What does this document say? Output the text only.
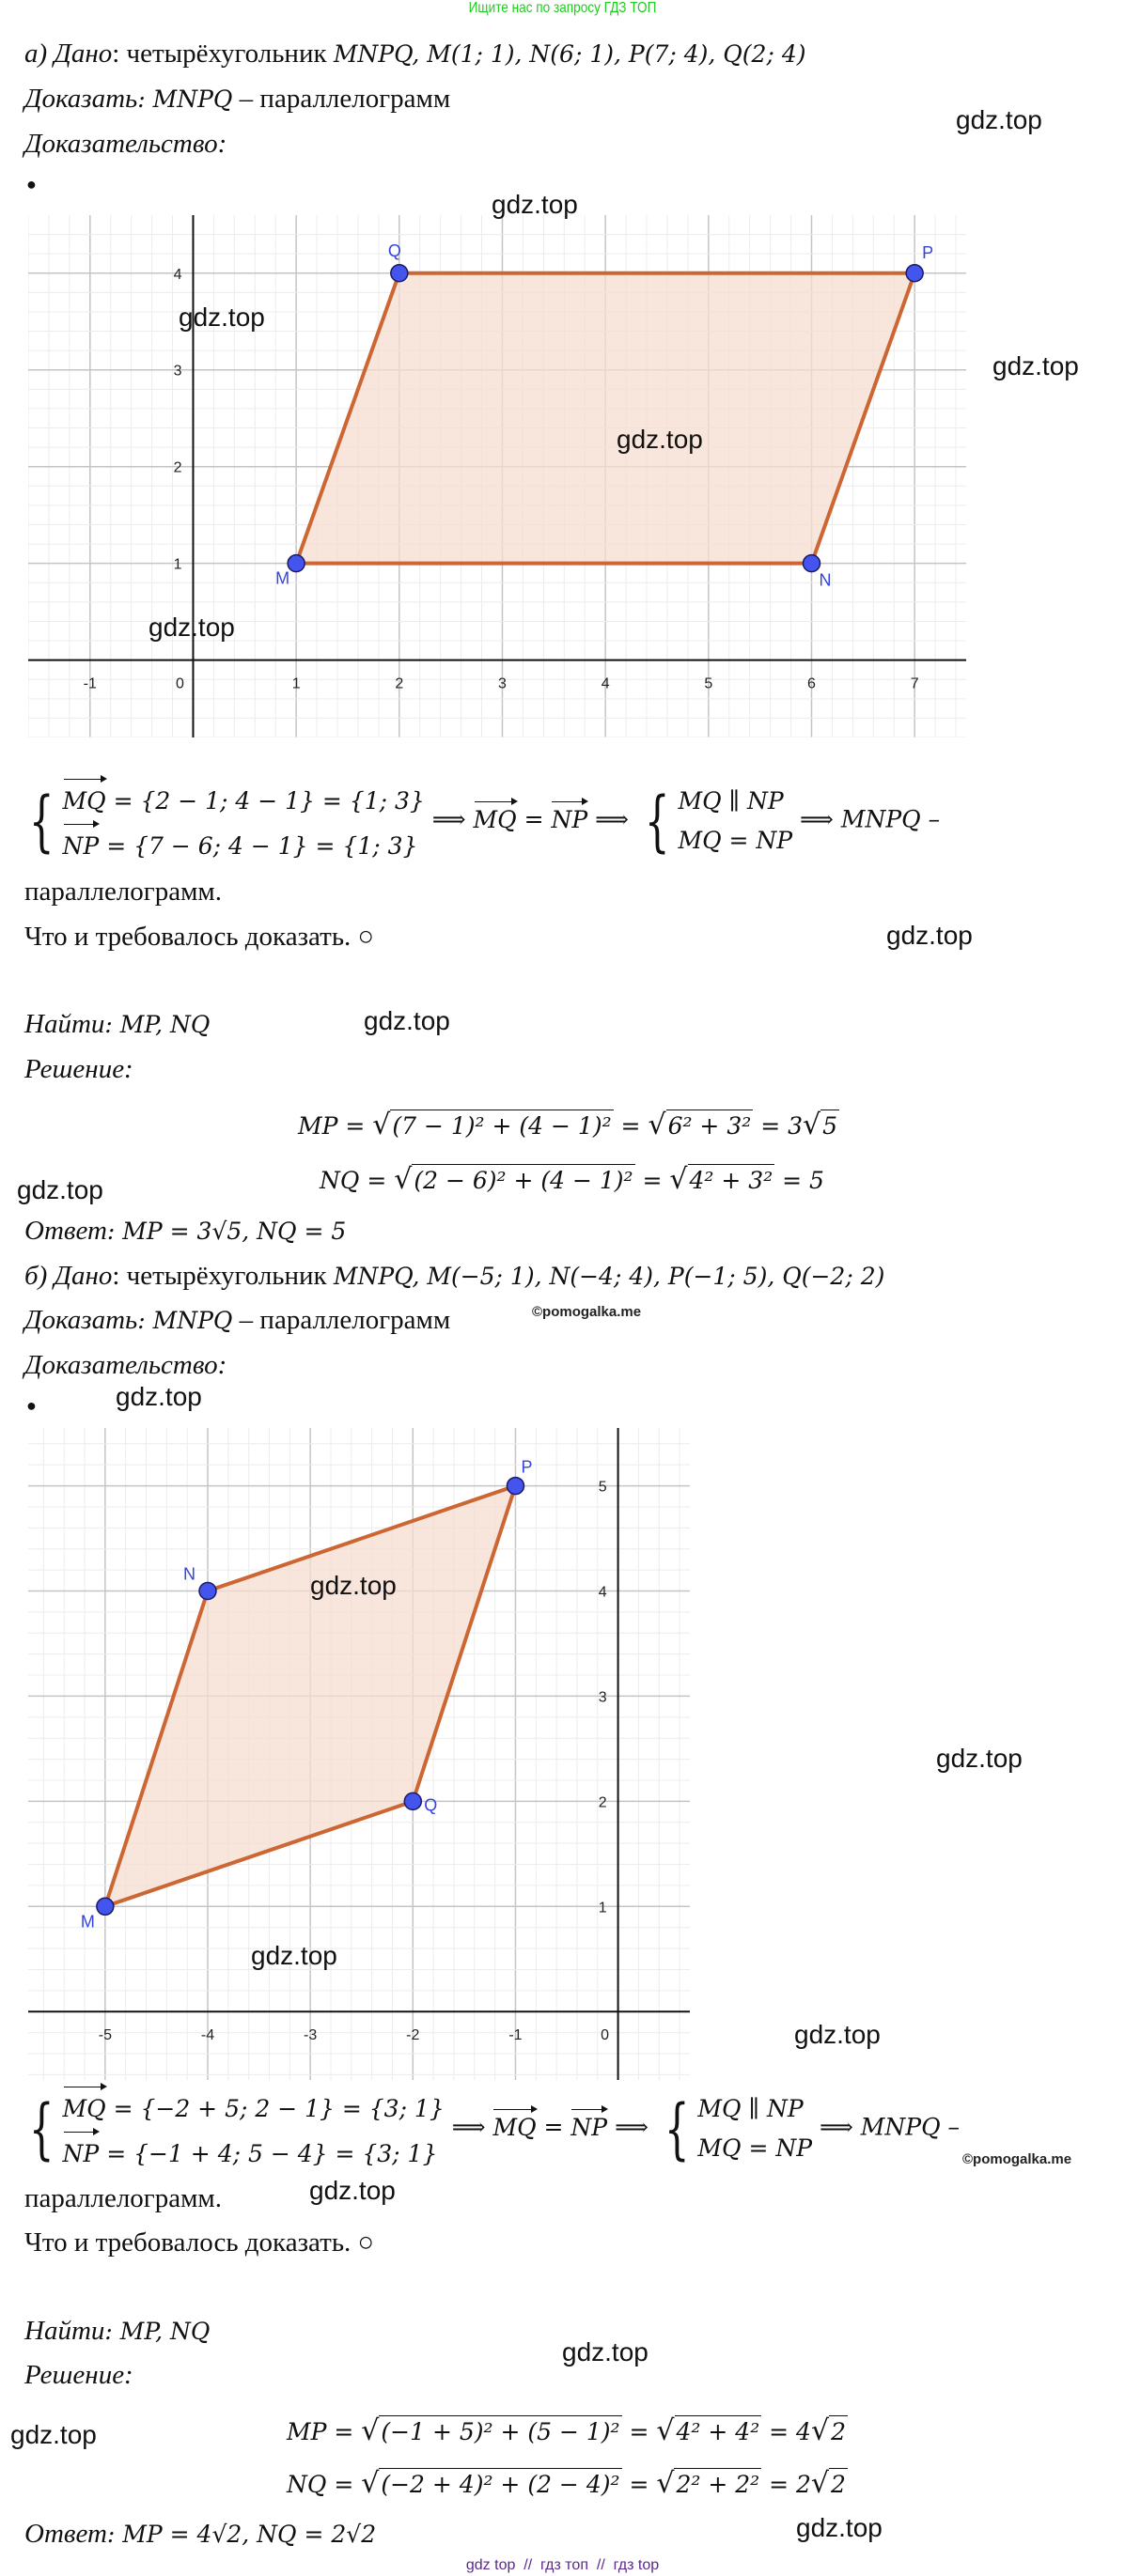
Ищите нас по запросу ГДЗ ТОП
а) Дано: четырёхугольник MNPQ, M(1; 1), N(6; 1), P(7; 4), Q(2; 4)
Доказать: MNPQ – параллелограмм
Доказательство:
●
-1	0	1	2	3	4	5	6	7
1
2
3
4
M	N
P
Q
{ MQ = {2 − 1; 4 − 1} = {1; 3}
NP = {7 − 6; 4 − 1} = {1; 3} ⟹ MQ = NP ⟹ { MQ ∥ NP
MQ = NP ⟹ MNPQ –
параллелограмм.
Что и требовалось доказать. ○
Найти: MP, NQ
Решение:
MP = √(7 − 1)² + (4 − 1)² = √6² + 3² = 3√5
NQ = √(2 − 6)² + (4 − 1)² = √4² + 3² = 5
Ответ: MP = 3√5, NQ = 5
б) Дано: четырёхугольник MNPQ, M(−5; 1), N(−4; 4), P(−1; 5), Q(−2; 2)
Доказать: MNPQ – параллелограмм	©pomogalka.me
Доказательство:
●
-5	-4	-3	-2	-1	0
1
2
3
4
5
M
N
P
Q
{ MQ = {−2 + 5; 2 − 1} = {3; 1}
NP = {−1 + 4; 5 − 4} = {3; 1} ⟹ MQ = NP ⟹ { MQ ∥ NP
MQ = NP ⟹ MNPQ –
©pomogalka.me
параллелограмм.
Что и требовалось доказать. ○
Найти: MP, NQ
Решение:
MP = √(−1 + 5)² + (5 − 1)² = √4² + 4² = 4√2
NQ = √(−2 + 4)² + (2 − 4)² = √2² + 2² = 2√2
Ответ: MP = 4√2, NQ = 2√2
gdz.top
gdz.top
gdz.top
gdz.top
gdz.top
gdz.top
gdz.top
gdz.top
gdz.top
gdz.top
gdz.top
gdz.top
gdz.top
gdz.top
gdz.top
gdz.top
gdz.top
gdz.top
gdz top  //  гдз топ  //  гдз top
